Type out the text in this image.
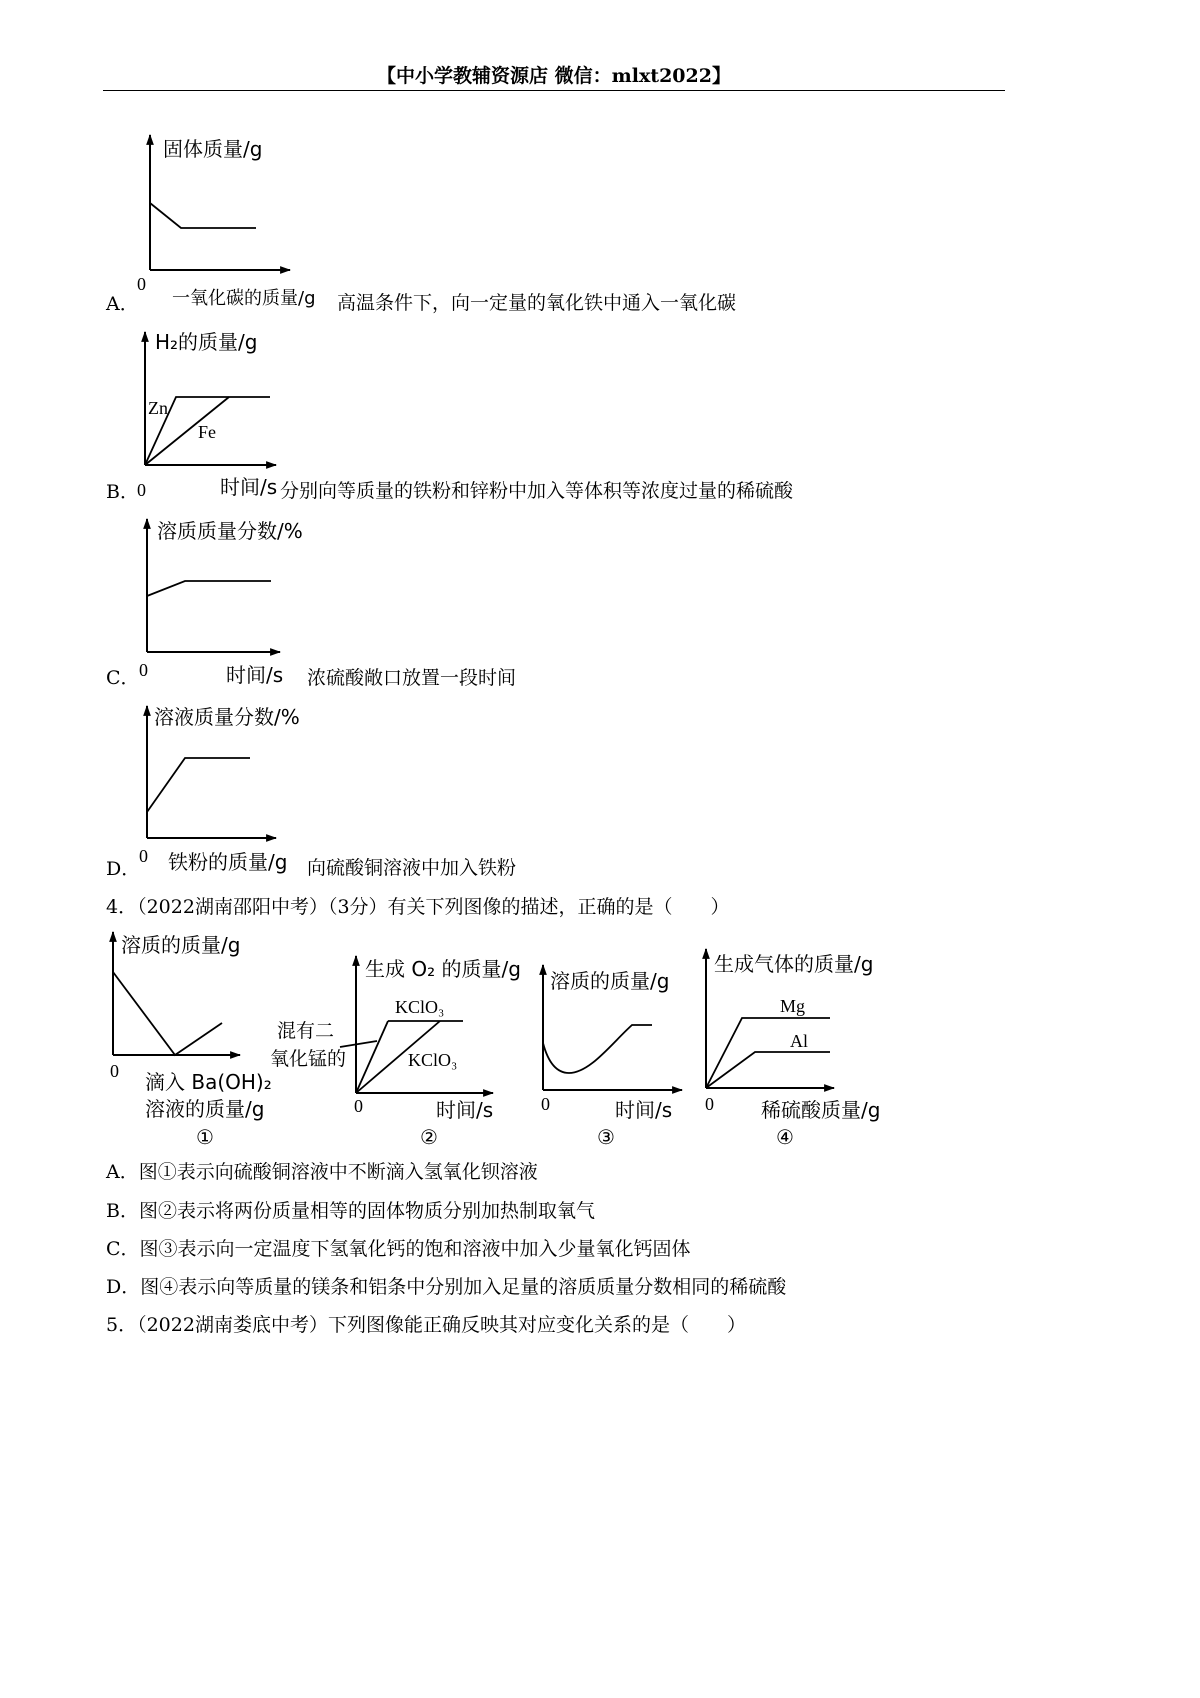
【中小学教辅资源店 微信：mlxt2022】
A．	高温条件下，向一定量的氧化铁中通入一氧化碳
B．	分别向等质量的铁粉和锌粉中加入等体积等浓度过量的稀硫酸
C．	浓硫酸敞口放置一段时间
D．	向硫酸铜溶液中加入铁粉
4．（2022湖南邵阳中考）（3分）有关下列图像的描述，正确的是（　　）
A．图①表示向硫酸铜溶液中不断滴入氢氧化钡溶液
B．图②表示将两份质量相等的固体物质分别加热制取氧气
C．图③表示向一定温度下氢氧化钙的饱和溶液中加入少量氧化钙固体
D．图④表示向等质量的镁条和铝条中分别加入足量的溶质质量分数相同的稀硫酸
5．（2022湖南娄底中考）下列图像能正确反映其对应变化关系的是（　　）
固体质量/g
0
一氧化碳的质量/g
H₂的质量/g
Zn
Fe
0	时间/s
溶质质量分数/%
0	时间/s
溶液质量分数/%
0 铁粉的质量/g
溶质的质量/g
0 滴入 Ba(OH)₂
溶液的质量/g
①
生成 O₂ 的质量/g
KClO₃
KClO₃
混有二
氧化锰的
0	时间/s
②
溶质的质量/g
0	时间/s
③
生成气体的质量/g
Mg
Al
0 稀硫酸质量/g
④
